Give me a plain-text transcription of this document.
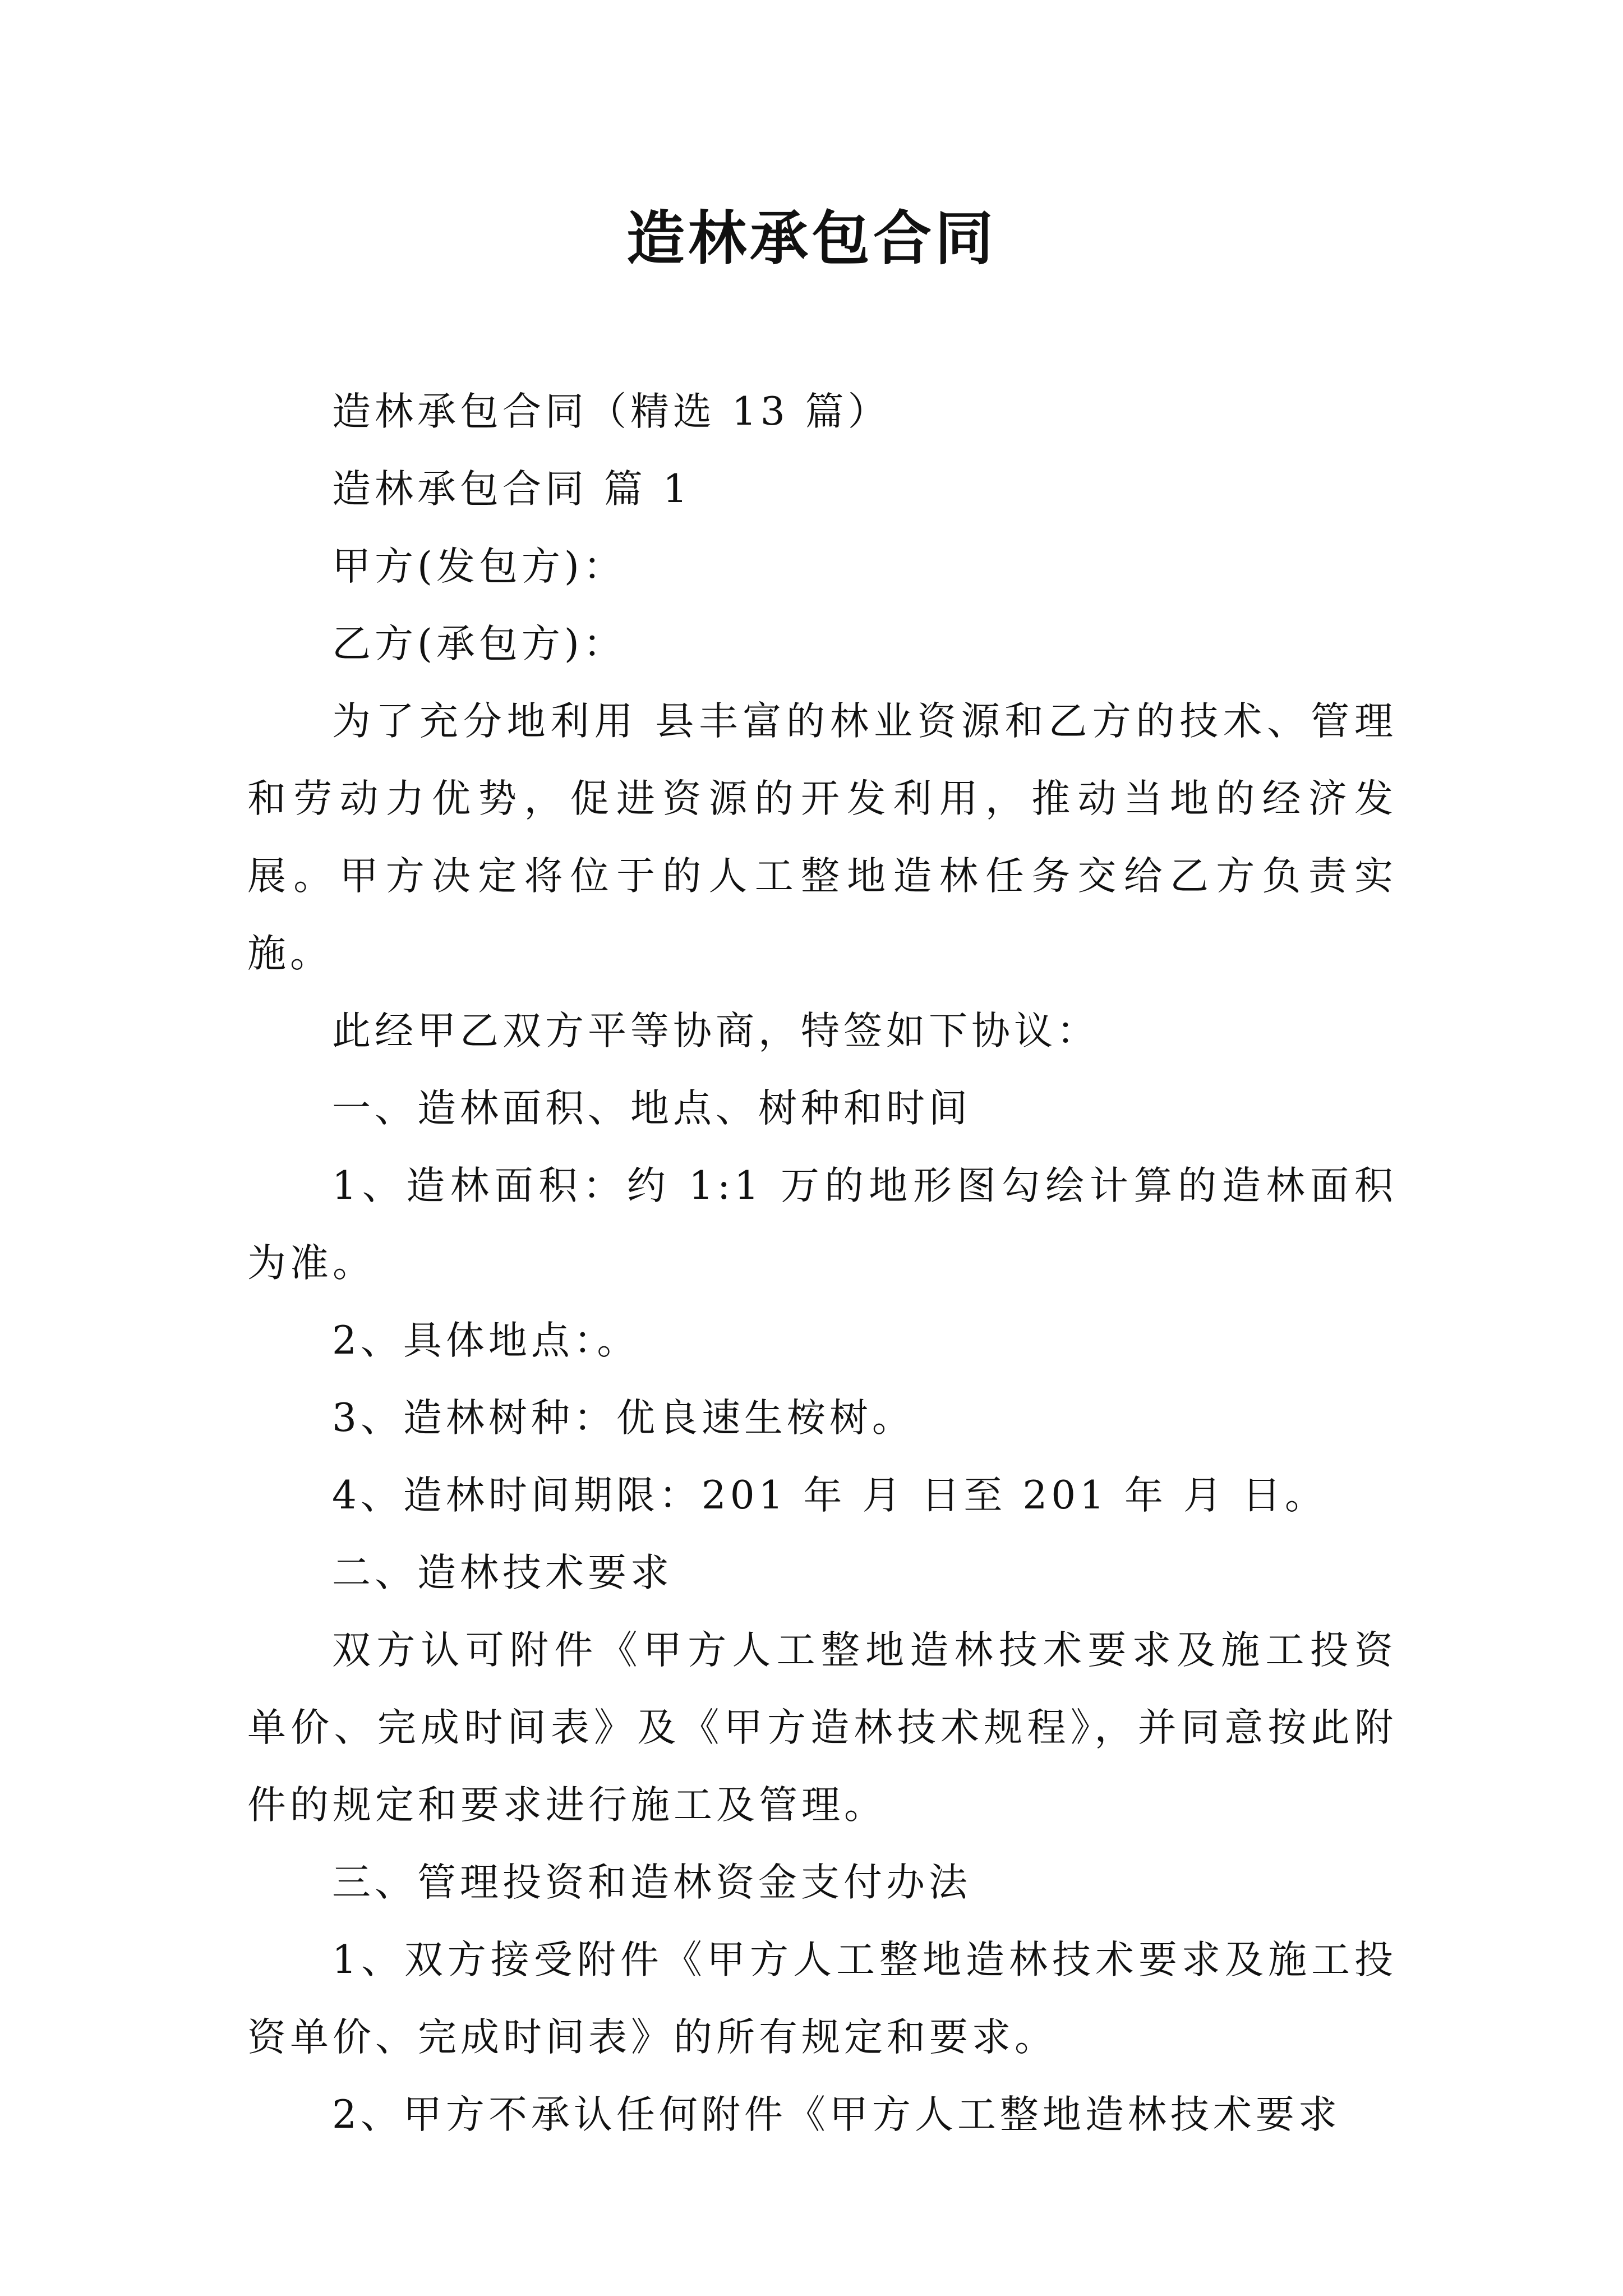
造林承包合同

造林承包合同（精选 13 篇）

造林承包合同 篇 1

甲方(发包方)：

乙方(承包方)：

为了充分地利用 县丰富的林业资源和乙方的技术、管理和劳动力优势，促进资源的开发利用，推动当地的经济发展。甲方决定将位于的人工整地造林任务交给乙方负责实施。

此经甲乙双方平等协商，特签如下协议：

一、造林面积、地点、树种和时间

1、造林面积：约 1:1 万的地形图勾绘计算的造林面积为准。

2、具体地点：。

3、造林树种：优良速生桉树。

4、造林时间期限：201 年 月 日至 201 年 月 日。

二、造林技术要求

双方认可附件《甲方人工整地造林技术要求及施工投资单价、完成时间表》及《甲方造林技术规程》，并同意按此附件的规定和要求进行施工及管理。

三、管理投资和造林资金支付办法

1、双方接受附件《甲方人工整地造林技术要求及施工投资单价、完成时间表》的所有规定和要求。

2、甲方不承认任何附件《甲方人工整地造林技术要求
